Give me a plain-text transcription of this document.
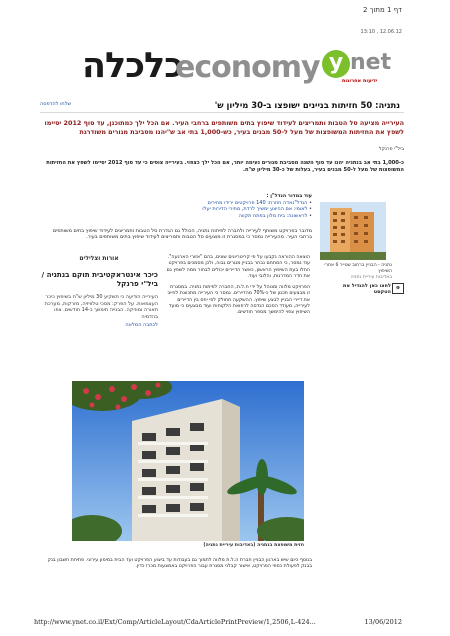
דף 1 מתוך 2
13:10 , 12.06.12
כלכלה
economy y net
ידיעות אחרונות
נתניה: 50 חזיתות בניינים ישופצו ב-30 מיליון ש'
שלחו להדפסה
העירייה מציעה סל הטבות ותמריצים לעידוד שיפוץ בתים משותפים ברחבי העיר. אם הכל ילך כמתוכנן, עד סוף 2012 יסיימו לשפץ את החזיתות המשופצות של מעל ל-50 מבנים בעיר, כש-1,000 בתי אב ש"יהנו מסביבת מגורים משודרגת
ביל"י פרנקל
כ-1,000 בתי אב בנתניה יהנו עד סוף השנה מסביבת מגורים נעימה יותר, אם הכל ילך כצפוי. בעירייה צופים כי עד סוף 2012 יסיימו לשפץ את החזיתות המשופצות של מעל ל-50 מבנים בעיר, בעלות של כ-30 מיליון ש"ח.
נתניה - הבניין ברחוב שטייר 6 אחרי השיפוץ
באדיבות עיריית נתניה
⊕
לחצו כאן להגדיל את הטקסט
עוד במדור הנדל"ן :
• הנדל"נאדה חוזרת: 140 פרויקטים ירידו מחירים
• לאומי: אם ההיצע ימשיך לרדת, מחירי הדירות יעלו
• לראשונה: בית מלון בפתח תקווה
מדובר בפרויקט משותף לעירייה ולחברה לפיתוח נתניה, הכולל גם הגדרת סל הטבות ותמריצים לעידוד שיפוץ בתים משותפים ברחבי העיר. מהעירייה נמסר כי במסגרת זו מוצעים סל הטבות ותמריצים לעידוד שיפוץ בתים משותפים בעיר.
אורות וצלילים
כיכר אינטראקטיבית תוקם בנתניה / ביל"י פרנקל
העירייה הודיעה כי תשקיע 30 מיליון ש"ח בשיפוץ כיכר העצמאות. על הפרק: מסכי טלוויזיה, מזרקות, מערכת תאורה ומוזיקה. הבנייה תימשך כ-14 חודשים. צפו בהדמיה
לכתבה המלאה
הוצאה ההוראה נקבעו על פי קריטריונים שונים, בהם "אזורי הארגעה". עוד נמסר, כי המתחם נבחר בבניין מגורים גבוה, ולכן מסמכים בפרויקט החלו בעת השיפוץ הראשון, כאשר הדיירים יכולים לבחור ממה לשפץ גם את חדר המדרגות, והלובי ועוד.
הפרויקט מלווה ומנוהל על ידי ח.ל.ת, החברה לפיתוח נתניה. במסגרת זו מבצעים תכנון של כ-70% מהדיירים. נמסר כי העירייה מתכוונת לחייב את דיירי הבניין לבצע שיפוץ. ההשקעה תחולק לפי יחס בין הדיירים לעירייה, מעודד הסכם הנדסה לרפואת הלקוחות ועוד מבצעים כי מועד השיפוץ צפוי להימשך מספר חודשים.
חזית משופצת בנתניה (באדיבות עיריית נתניה)
בנוסף כיום שיש בארגון הבניין חברת ה.ל.ת מלווה לתמוך גם בעבודות עד ביצוע הפרויקט ועד הבית במימון עירוני. פתיחת חשבון בנק בבנק לפעולת כספי הפרויקט, אישור קבלני מסגרת עבור הפרויקט באמצעות מכרז כדין.
http://www.ynet.co.il/Ext/Comp/ArticleLayout/CdaArticlePrintPreview/1,2506,L-424...	13/06/2012
